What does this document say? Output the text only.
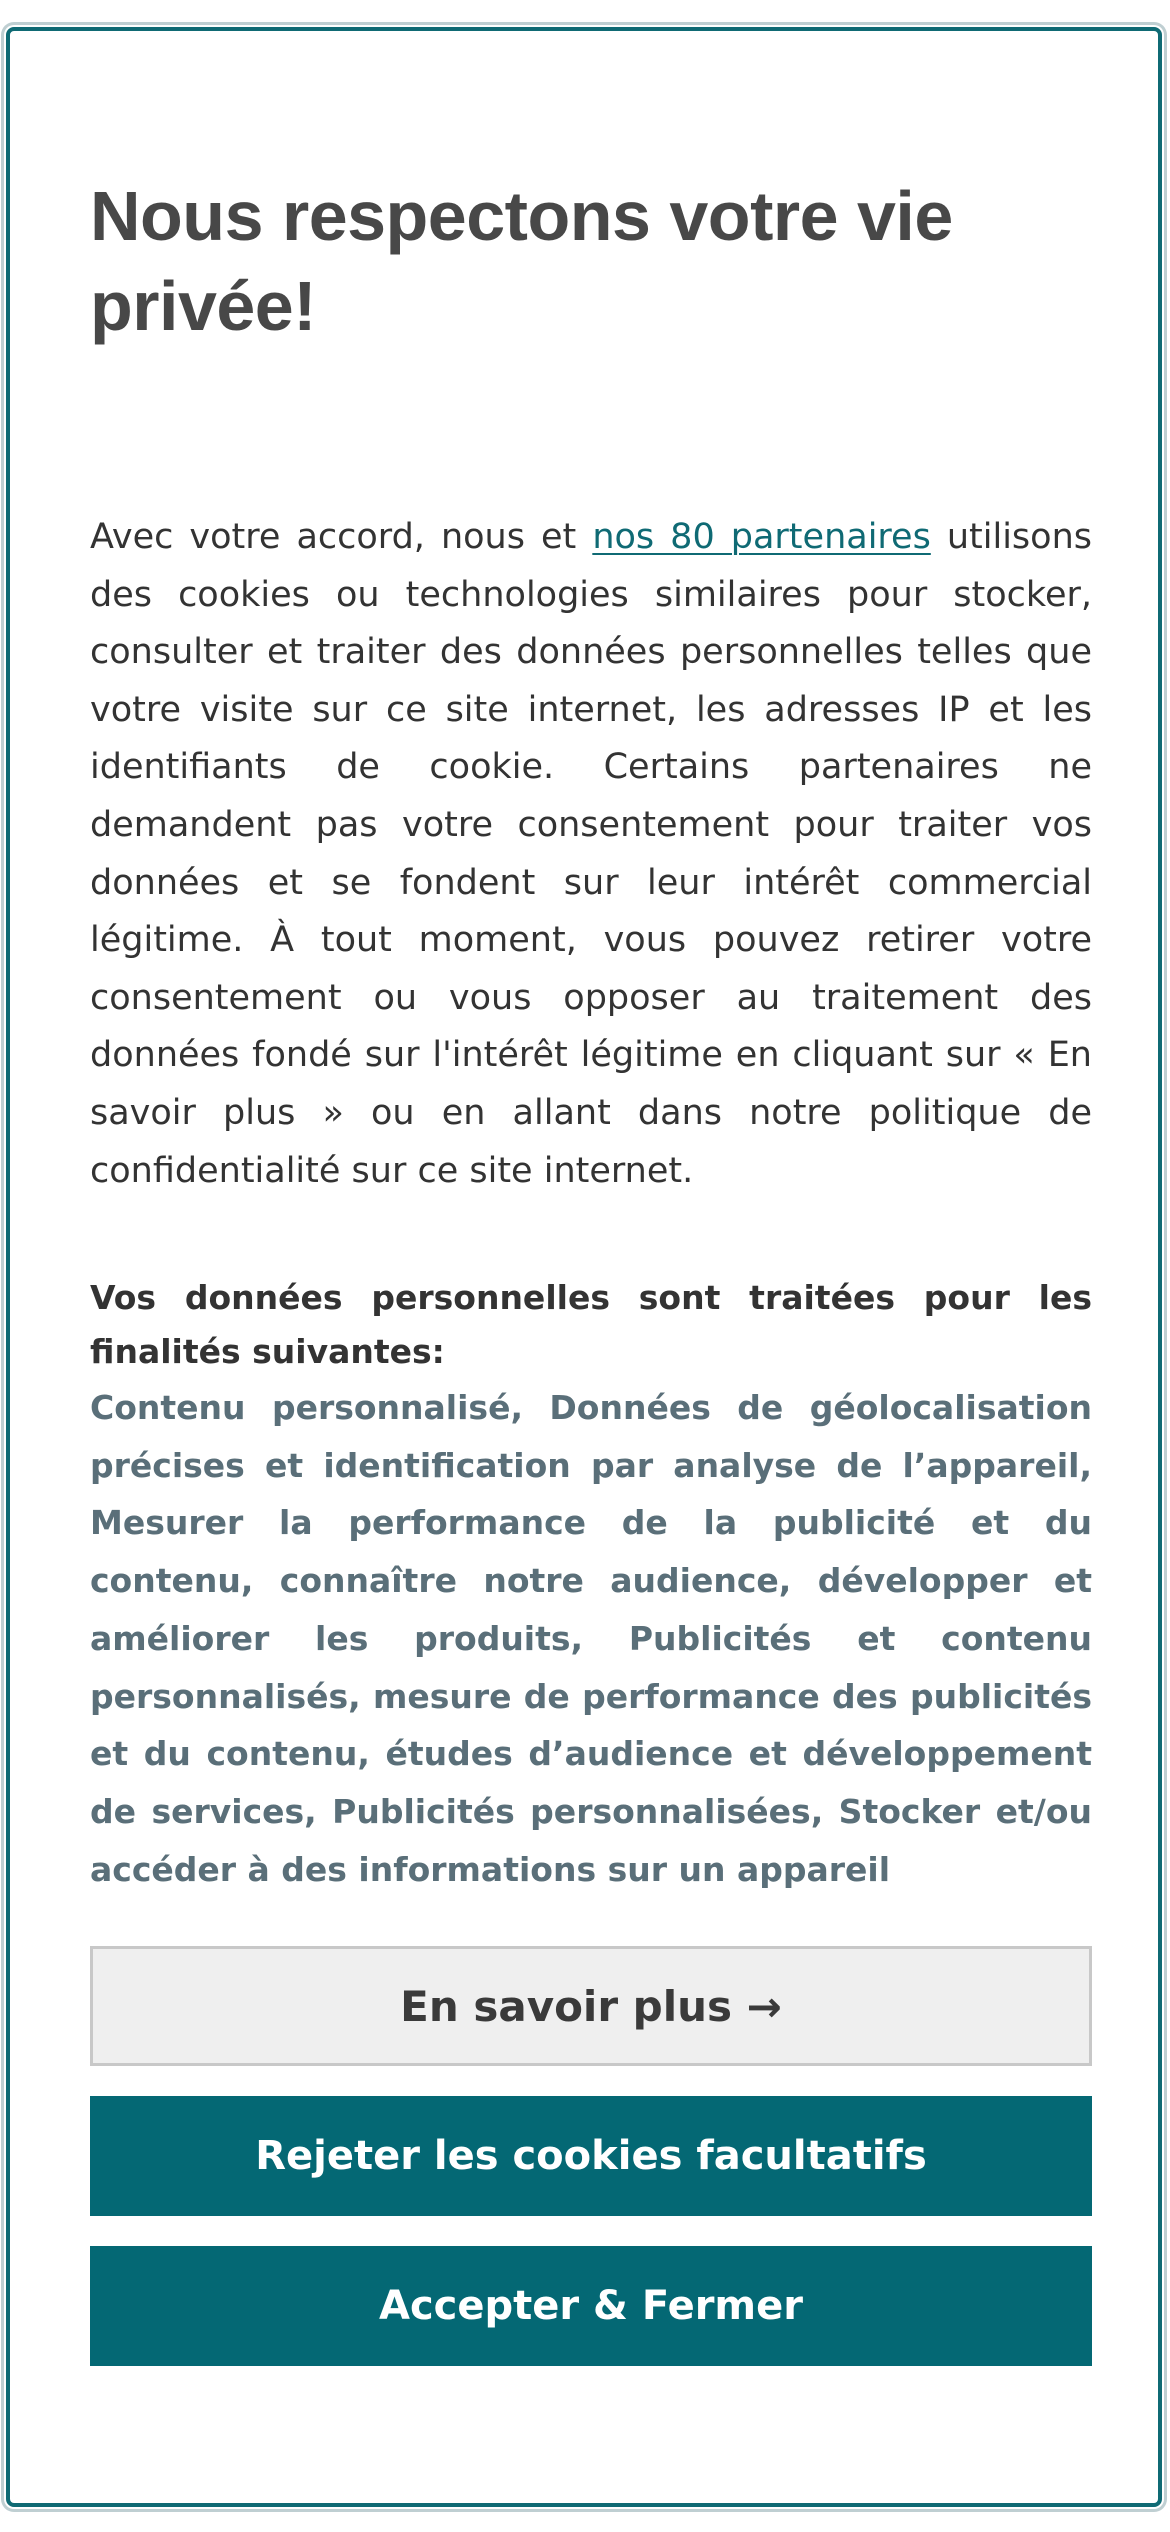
Nous respectons votre vie privée!

Avec votre accord, nous et nos 80 partenaires utilisons des cookies ou technologies similaires pour stocker, consulter et traiter des données personnelles telles que votre visite sur ce site internet, les adresses IP et les identifiants de cookie. Certains partenaires ne demandent pas votre consentement pour traiter vos données et se fondent sur leur intérêt commercial légitime. À tout moment, vous pouvez retirer votre consentement ou vous opposer au traitement des données fondé sur l'intérêt légitime en cliquant sur « En savoir plus » ou en allant dans notre politique de confidentialité sur ce site internet.

Vos données personnelles sont traitées pour les finalités suivantes:

Contenu personnalisé, Données de géolocalisation précises et identification par analyse de l’appareil, Mesurer la performance de la publicité et du contenu, connaître notre audience, développer et améliorer les produits, Publicités et contenu personnalisés, mesure de performance des publicités et du contenu, études d’audience et développement de services, Publicités personnalisées, Stocker et/ou accéder à des informations sur un appareil

En savoir plus →
Rejeter les cookies facultatifs
Accepter & Fermer
